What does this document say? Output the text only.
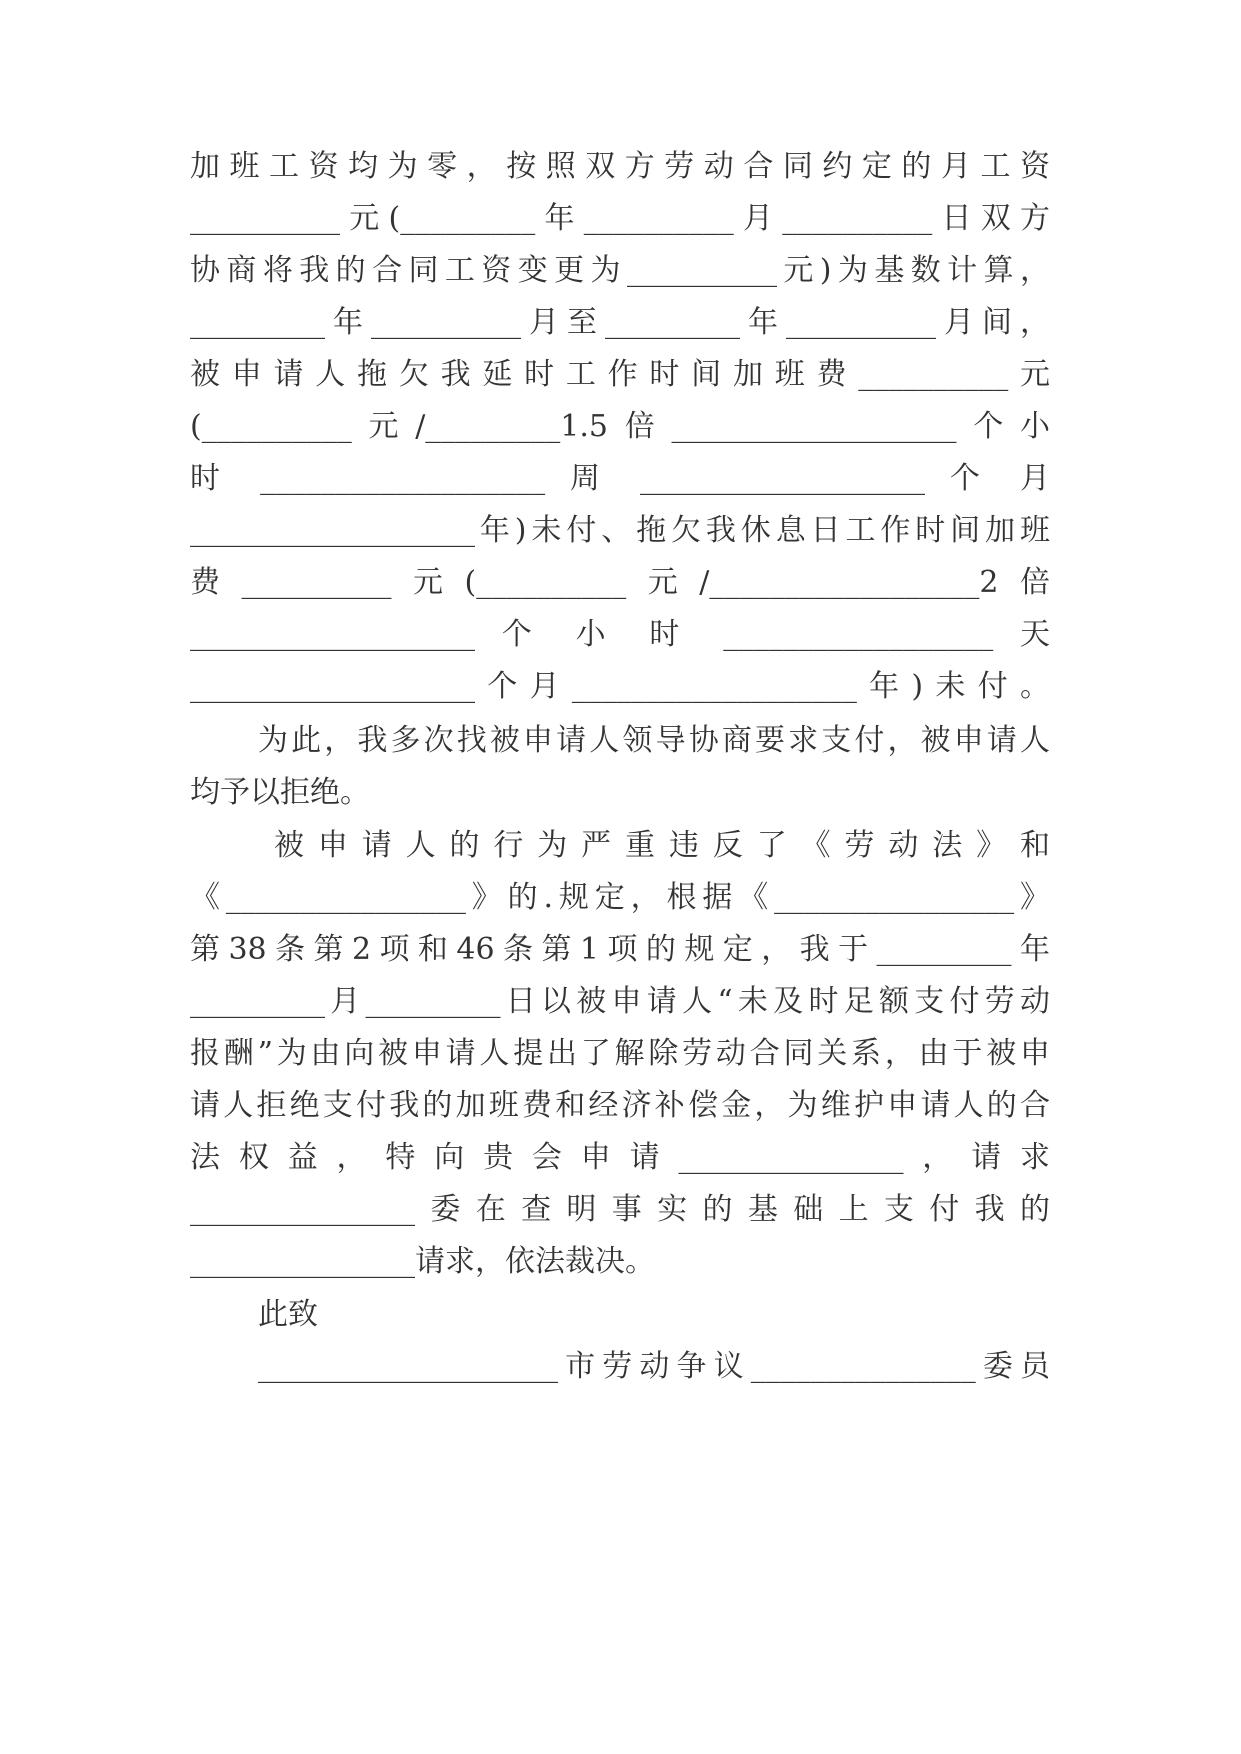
加班工资均为零，按照双方劳动合同约定的月工资
__________元(_________年__________月__________日双方
协商将我的合同工资变更为__________元)为基数计算，
_________年__________月至_________年__________月间，
被申请人拖欠我延时工作时间加班费__________元
(__________元/_________1.5倍___________________个小
时 ___________________ 周 ___________________ 个 月
___________________年)未付、拖欠我休息日工作时间加班
费__________元(__________元/__________________2倍
___________________ 个 小 时 __________________ 天
___________________个月___________________年)未付。
为此，我多次找被申请人领导协商要求支付，被申请人
均予以拒绝。
被申请人的行为严重违反了《劳动法》和
《________________》的.规定，根据《________________》
第38条第2项和46条第1项的规定，我于_________年
_________月_________日以被申请人“未及时足额支付劳动
报酬”为由向被申请人提出了解除劳动合同关系，由于被申
请人拒绝支付我的加班费和经济补偿金，为维护申请人的合
法权益，特向贵会申请_______________，请求
_______________委在查明事实的基础上支付我的
_______________请求，依法裁决。
此致
____________________市劳动争议_______________委员
